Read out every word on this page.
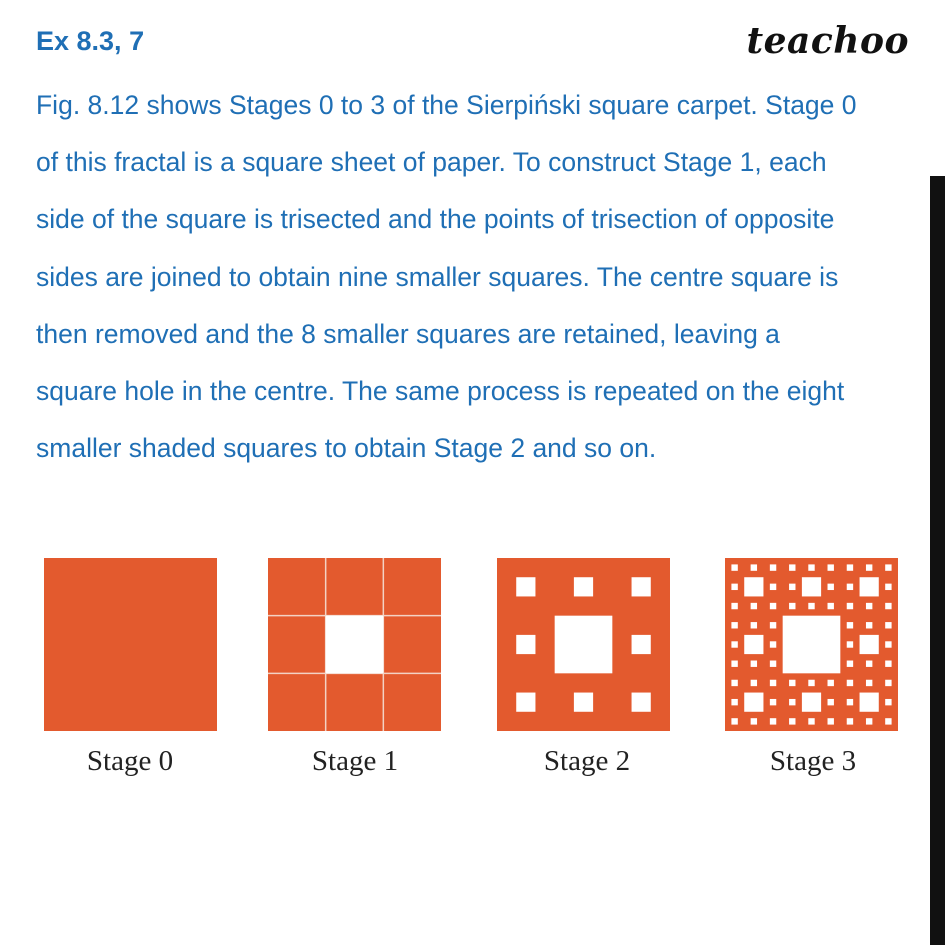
Ex 8.3, 7	teachoo
Fig. 8.12 shows Stages 0 to 3 of the Sierpiński square carpet. Stage 0
of this fractal is a square sheet of paper. To construct Stage 1, each
side of the square is trisected and the points of trisection of opposite
sides are joined to obtain nine smaller squares. The centre square is
then removed and the 8 smaller squares are retained, leaving a
square hole in the centre. The same process is repeated on the eight
smaller shaded squares to obtain Stage 2 and so on.
Stage 0	Stage 1	Stage 2	Stage 3
